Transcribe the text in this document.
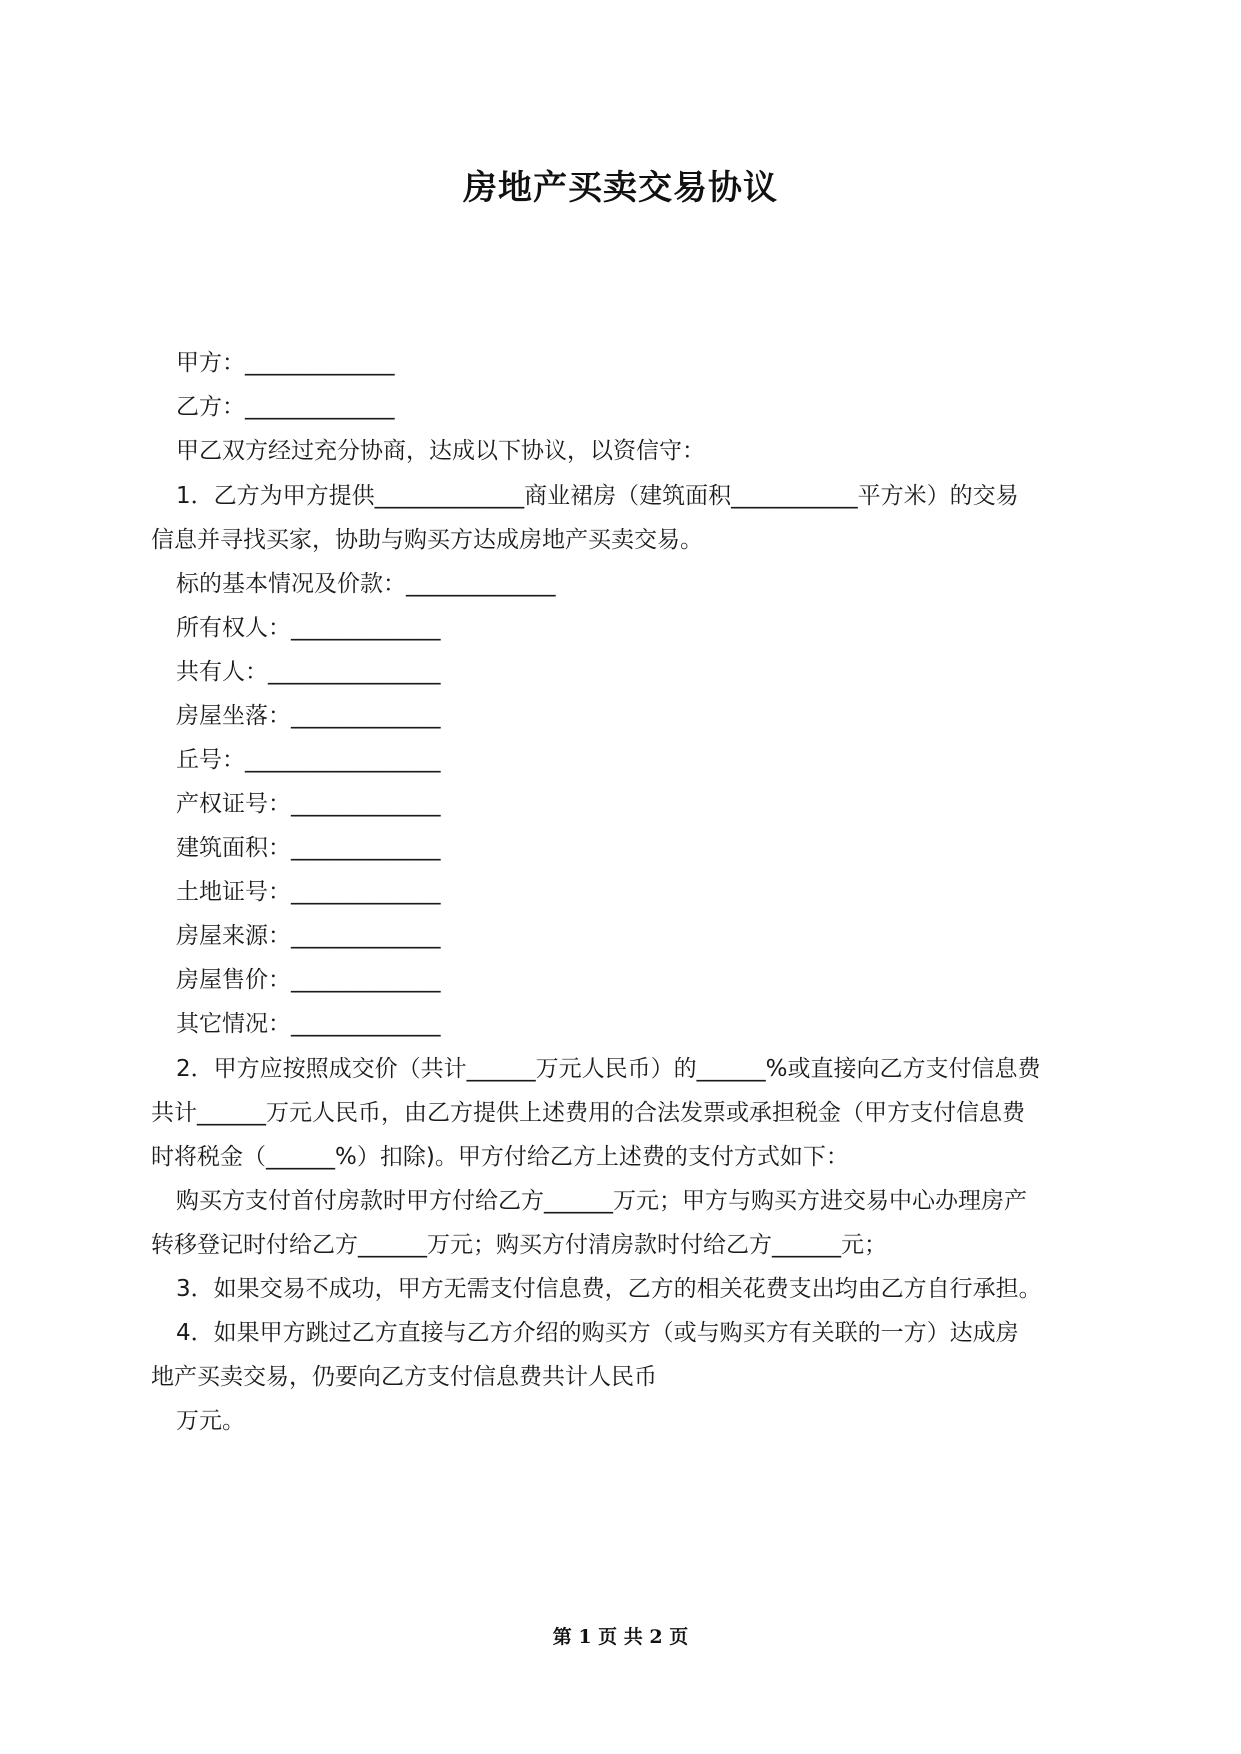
房地产买卖交易协议
甲方：_____________
乙方：_____________
甲乙双方经过充分协商，达成以下协议，以资信守：
1．乙方为甲方提供_____________商业裙房（建筑面积___________平方米）的交易
信息并寻找买家，协助与购买方达成房地产买卖交易。
标的基本情况及价款：_____________
所有权人：_____________
共有人：_______________
房屋坐落：_____________
丘号：_________________
产权证号：_____________
建筑面积：_____________
土地证号：_____________
房屋来源：_____________
房屋售价：_____________
其它情况：_____________
2．甲方应按照成交价（共计______万元人民币）的______%或直接向乙方支付信息费
共计______万元人民币，由乙方提供上述费用的合法发票或承担税金（甲方支付信息费
时将税金（______%）扣除)。甲方付给乙方上述费的支付方式如下：
购买方支付首付房款时甲方付给乙方______万元；甲方与购买方进交易中心办理房产
转移登记时付给乙方______万元；购买方付清房款时付给乙方______元；
3．如果交易不成功，甲方无需支付信息费，乙方的相关花费支出均由乙方自行承担。
4．如果甲方跳过乙方直接与乙方介绍的购买方（或与购买方有关联的一方）达成房
地产买卖交易，仍要向乙方支付信息费共计人民币
万元。
第 1 页 共 2 页
